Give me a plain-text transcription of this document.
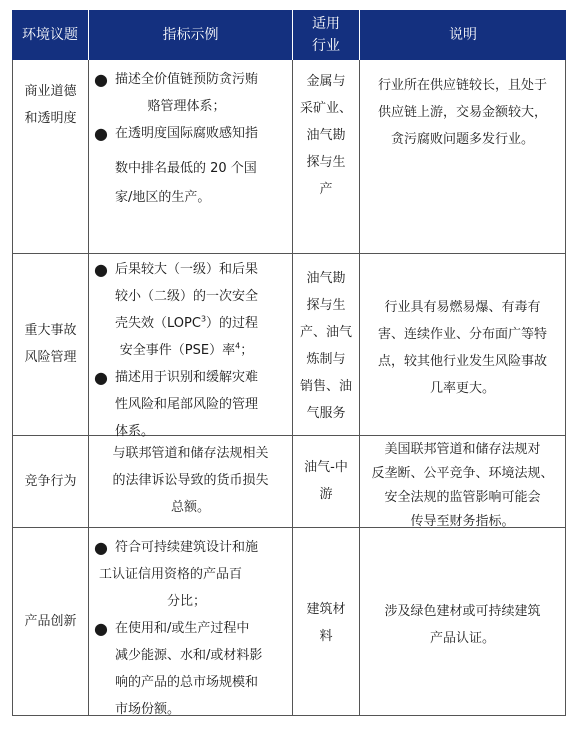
环境议题	指标示例
适用
行业
说明
商业道德
和透明度
● 描述全价值链预防贪污贿
赂管理体系；
● 在透明度国际腐败感知指
数中排名最低的 20 个国
家/地区的生产。
金属与
采矿业、
油气勘
探与生
产
行业所在供应链较长，且处于
供应链上游，交易金额较大，
贪污腐败问题多发行业。
重大事故
风险管理
● 后果较大（一级）和后果
较小（二级）的一次安全
壳失效（LOPC$^3$）的过程
安全事件（PSE）率$^4$；
● 描述用于识别和缓解灾难
性风险和尾部风险的管理
体系。
油气勘
探与生
产、油气
炼制与
销售、油
气服务
行业具有易燃易爆、有毒有
害、连续作业、分布面广等特
点，较其他行业发生风险事故
几率更大。
竞争行为
与联邦管道和储存法规相关
的法律诉讼导致的货币损失
总额。
油气-中
游
美国联邦管道和储存法规对
反垄断、公平竞争、环境法规、
安全法规的监管影响可能会
传导至财务指标。
产品创新
● 符合可持续建筑设计和施
工认证信用资格的产品百
分比；
● 在使用和/或生产过程中
减少能源、水和/或材料影
响的产品的总市场规模和
市场份额。
建筑材
料
涉及绿色建材或可持续建筑
产品认证。
